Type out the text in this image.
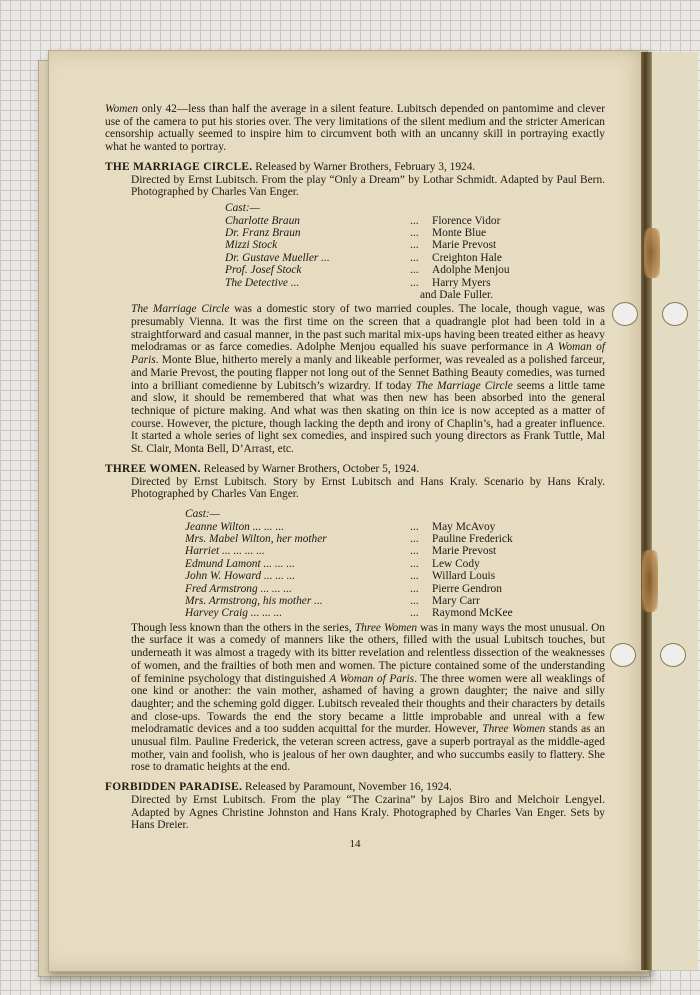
Women only 42—less than half the average in a silent feature. Lubitsch depended on pantomime and clever use of the camera to put his stories over. The very limitations of the silent medium and the stricter American censorship actually seemed to inspire him to circumvent both with an uncanny skill in portraying exactly what he wanted to portray.

THE MARRIAGE CIRCLE. Released by Warner Brothers, February 3, 1924.

Directed by Ernst Lubitsch. From the play “Only a Dream” by Lothar Schmidt. Adapted by Paul Bern. Photographed by Charles Van Enger.

Cast:—
Charlotte Braun	...	Florence Vidor
Dr. Franz Braun	...	Monte Blue
Mizzi Stock	...	Marie Prevost
Dr. Gustave Mueller ...	...	Creighton Hale
Prof. Josef Stock	...	Adolphe Menjou
The Detective ...	...	Harry Myers
and Dale Fuller.

The Marriage Circle was a domestic story of two married couples. The locale, though vague, was presumably Vienna. It was the first time on the screen that a quadrangle plot had been told in a straightforward and casual manner, in the past such marital mix-ups having been treated either as heavy melodramas or as farce comedies. Adolphe Menjou equalled his suave performance in A Woman of Paris. Monte Blue, hitherto merely a manly and likeable performer, was revealed as a polished farceur, and Marie Prevost, the pouting flapper not long out of the Sennet Bathing Beauty comedies, was turned into a brilliant comedienne by Lubitsch’s wizardry. If today The Marriage Circle seems a little tame and slow, it should be remembered that what was then new has been absorbed into the general technique of picture making. And what was then skating on thin ice is now accepted as a matter of course. However, the picture, though lacking the depth and irony of Chaplin’s, had a greater influence. It started a whole series of light sex comedies, and inspired such young directors as Frank Tuttle, Mal St. Clair, Monta Bell, D’Arrast, etc.

THREE WOMEN. Released by Warner Brothers, October 5, 1924.

Directed by Ernst Lubitsch. Story by Ernst Lubitsch and Hans Kraly. Scenario by Hans Kraly. Photographed by Charles Van Enger.

Cast:—
Jeanne Wilton ... ... ...	...	May McAvoy
Mrs. Mabel Wilton, her mother	...	Pauline Frederick
Harriet ... ... ... ...	...	Marie Prevost
Edmund Lamont ... ... ...	...	Lew Cody
John W. Howard ... ... ...	...	Willard Louis
Fred Armstrong ... ... ...	...	Pierre Gendron
Mrs. Armstrong, his mother ...	...	Mary Carr
Harvey Craig ... ... ...	...	Raymond McKee

Though less known than the others in the series, Three Women was in many ways the most unusual. On the surface it was a comedy of manners like the others, filled with the usual Lubitsch touches, but underneath it was almost a tragedy with its bitter revelation and relentless dissection of the weaknesses of women, and the frailties of both men and women. The picture contained some of the understanding of feminine psychology that distinguished A Woman of Paris. The three women were all weaklings of one kind or another: the vain mother, ashamed of having a grown daughter; the naive and silly daughter; and the scheming gold digger. Lubitsch revealed their thoughts and their characters by details and close-ups. Towards the end the story became a little improbable and unreal with a few melodramatic devices and a too sudden acquittal for the murder. However, Three Women stands as an unusual film. Pauline Frederick, the veteran screen actress, gave a superb portrayal as the middle-aged mother, vain and foolish, who is jealous of her own daughter, and who succumbs easily to flattery. She rose to dramatic heights at the end.

FORBIDDEN PARADISE. Released by Paramount, November 16, 1924.

Directed by Ernst Lubitsch. From the play “The Czarina” by Lajos Biro and Melchoir Lengyel. Adapted by Agnes Christine Johnston and Hans Kraly. Photographed by Charles Van Enger. Sets by Hans Dreier.

14
